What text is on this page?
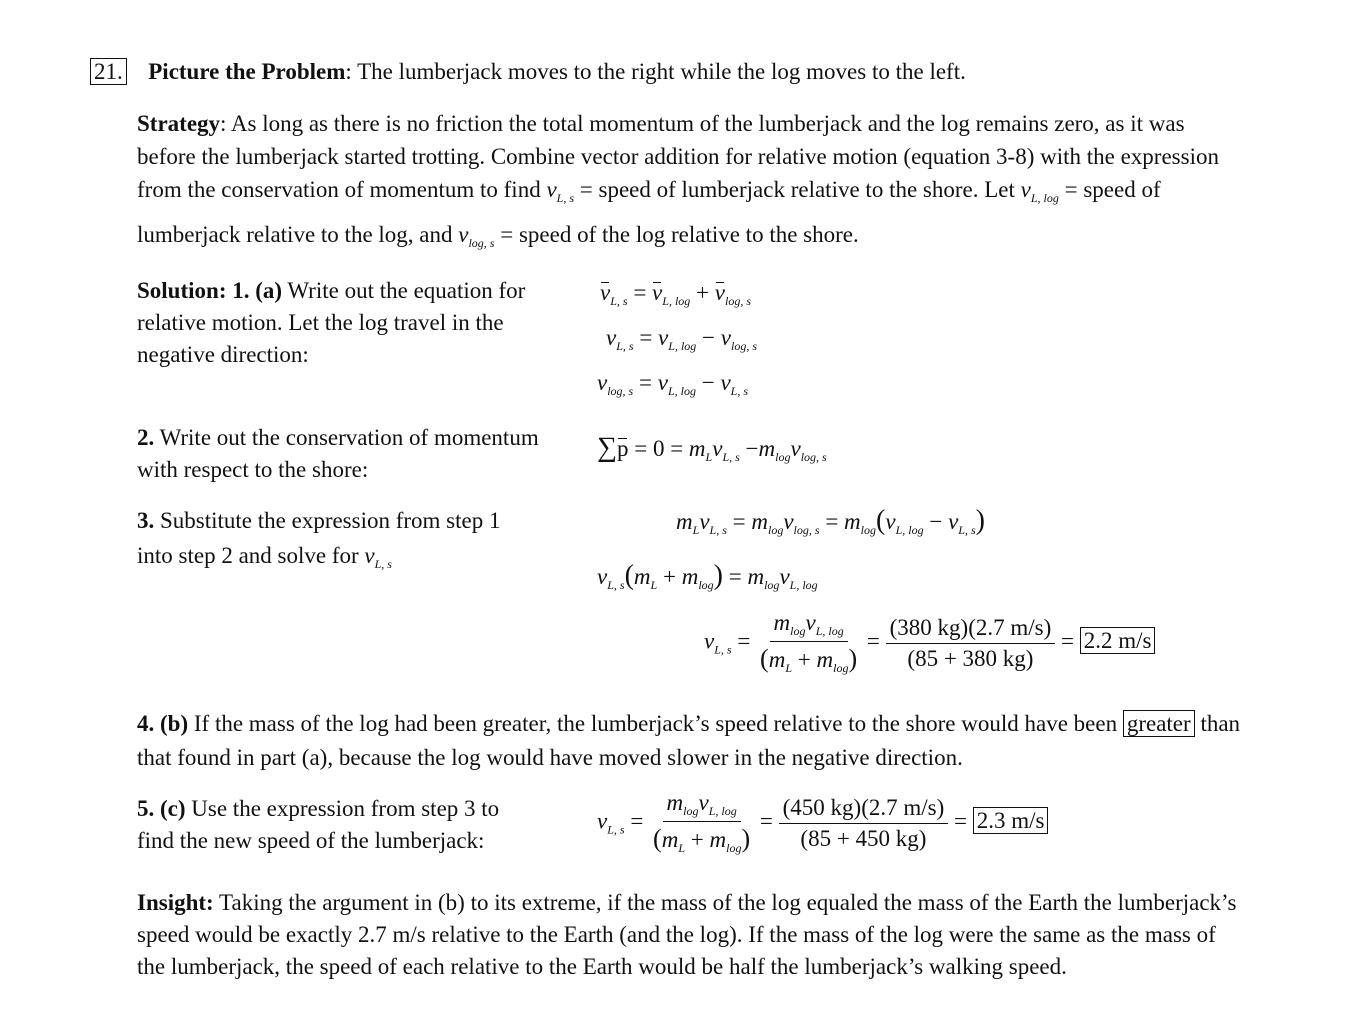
21. Picture the Problem: The lumberjack moves to the right while the log moves to the left.
Strategy: As long as there is no friction the total momentum of the lumberjack and the log remains zero, as it was
before the lumberjack started trotting. Combine vector addition for relative motion (equation 3-8) with the expression
from the conservation of momentum to find $v_{L, s}$ = speed of lumberjack relative to the shore. Let $v_{L, log}$ = speed of
lumberjack relative to the log, and $v_{log, s}$ = speed of the log relative to the shore.
Solution: 1. (a) Write out the equation for
relative motion. Let the log travel in the
negative direction:
$v_{L, s} = v_{L, log} + v_{log, s}$
$v_{L, s} = v_{L, log} - v_{log, s}$
$v_{log, s} = v_{L, log} - v_{L, s}$
2. Write out the conservation of momentum
with respect to the shore:
$\sum p = 0 = m_Lv_{L, s} -m_{log}v_{log, s}$
3. Substitute the expression from step 1
into step 2 and solve for $v_{L, s}$
$m_Lv_{L, s} = m_{log}v_{log, s} = m_{log}(v_{L, log} - v_{L, s})$
$v_{L, s}(m_L + m_{log}) = m_{log}v_{L, log}$
$v_{L, s} = \frac{m_{log}v_{L, log}}{(m_L + m_{log})} = \frac{(380 kg)(2.7 m/s)}{(85 + 380 kg)} = 2.2$ m/s
4. (b) If the mass of the log had been greater, the lumberjack’s speed relative to the shore would have been greater than
that found in part (a), because the log would have moved slower in the negative direction.
5. (c) Use the expression from step 3 to
find the new speed of the lumberjack:
$v_{L, s} = \frac{m_{log}v_{L, log}}{(m_L + m_{log})} = \frac{(450 kg)(2.7 m/s)}{(85 + 450 kg)} = 2.3$ m/s
Insight: Taking the argument in (b) to its extreme, if the mass of the log equaled the mass of the Earth the lumberjack’s
speed would be exactly 2.7 m/s relative to the Earth (and the log). If the mass of the log were the same as the mass of
the lumberjack, the speed of each relative to the Earth would be half the lumberjack’s walking speed.
